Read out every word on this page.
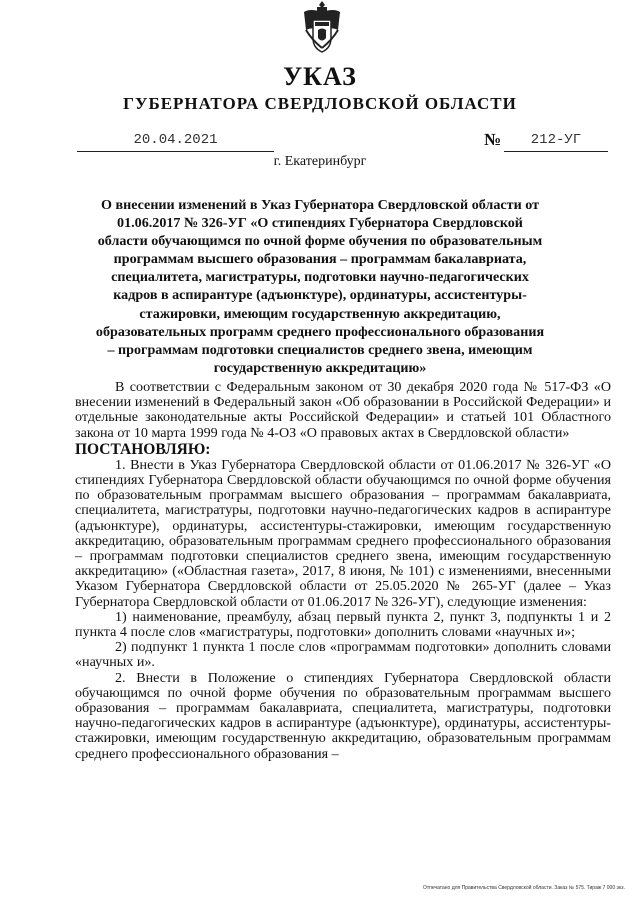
УКАЗ
ГУБЕРНАТОРА СВЕРДЛОВСКОЙ ОБЛАСТИ
20.04.2021	№	212-УГ
г. Екатеринбург
О внесении изменений в Указ Губернатора Свердловской области от 01.06.2017 № 326-УГ «О стипендиях Губернатора Свердловской области обучающимся по очной форме обучения по образовательным программам высшего образования – программам бакалавриата, специалитета, магистратуры, подготовки научно-педагогических кадров в аспирантуре (адъюнктуре), ординатуры, ассистентуры-стажировки, имеющим государственную аккредитацию, образовательных программ среднего профессионального образования – программам подготовки специалистов среднего звена, имеющим государственную аккредитацию»

В соответствии с Федеральным законом от 30 декабря 2020 года № 517-ФЗ «О внесении изменений в Федеральный закон «Об образовании в Российской Федерации» и отдельные законодательные акты Российской Федерации» и статьей 101 Областного закона от 10 марта 1999 года № 4-ОЗ «О правовых актах в Свердловской области»

ПОСТАНОВЛЯЮ:

1. Внести в Указ Губернатора Свердловской области от 01.06.2017 № 326-УГ «О стипендиях Губернатора Свердловской области обучающимся по очной форме обучения по образовательным программам высшего образования – программам бакалавриата, специалитета, магистратуры, подготовки научно-педагогических кадров в аспирантуре (адъюнктуре), ординатуры, ассистентуры-стажировки, имеющим государственную аккредитацию, образовательным программам среднего профессионального образования – программам подготовки специалистов среднего звена, имеющим государственную аккредитацию» («Областная газета», 2017, 8 июня, № 101) с изменениями, внесенными Указом Губернатора Свердловской области от 25.05.2020 № 265-УГ (далее – Указ Губернатора Свердловской области от 01.06.2017 № 326-УГ), следующие изменения:

1) наименование, преамбулу, абзац первый пункта 2, пункт 3, подпункты 1 и 2 пункта 4 после слов «магистратуры, подготовки» дополнить словами «научных и»;

2) подпункт 1 пункта 1 после слов «программам подготовки» дополнить словами «научных и».

2. Внести в Положение о стипендиях Губернатора Свердловской области обучающимся по очной форме обучения по образовательным программам высшего образования – программам бакалавриата, специалитета, магистратуры, подготовки научно-педагогических кадров в аспирантуре (адъюнктуре), ординатуры, ассистентуры-стажировки, имеющим государственную аккредитацию, образовательным программам среднего профессионального образования –

Отпечатано для Правительства Свердловской области. Заказ № 575. Тираж 7 000 экз.
